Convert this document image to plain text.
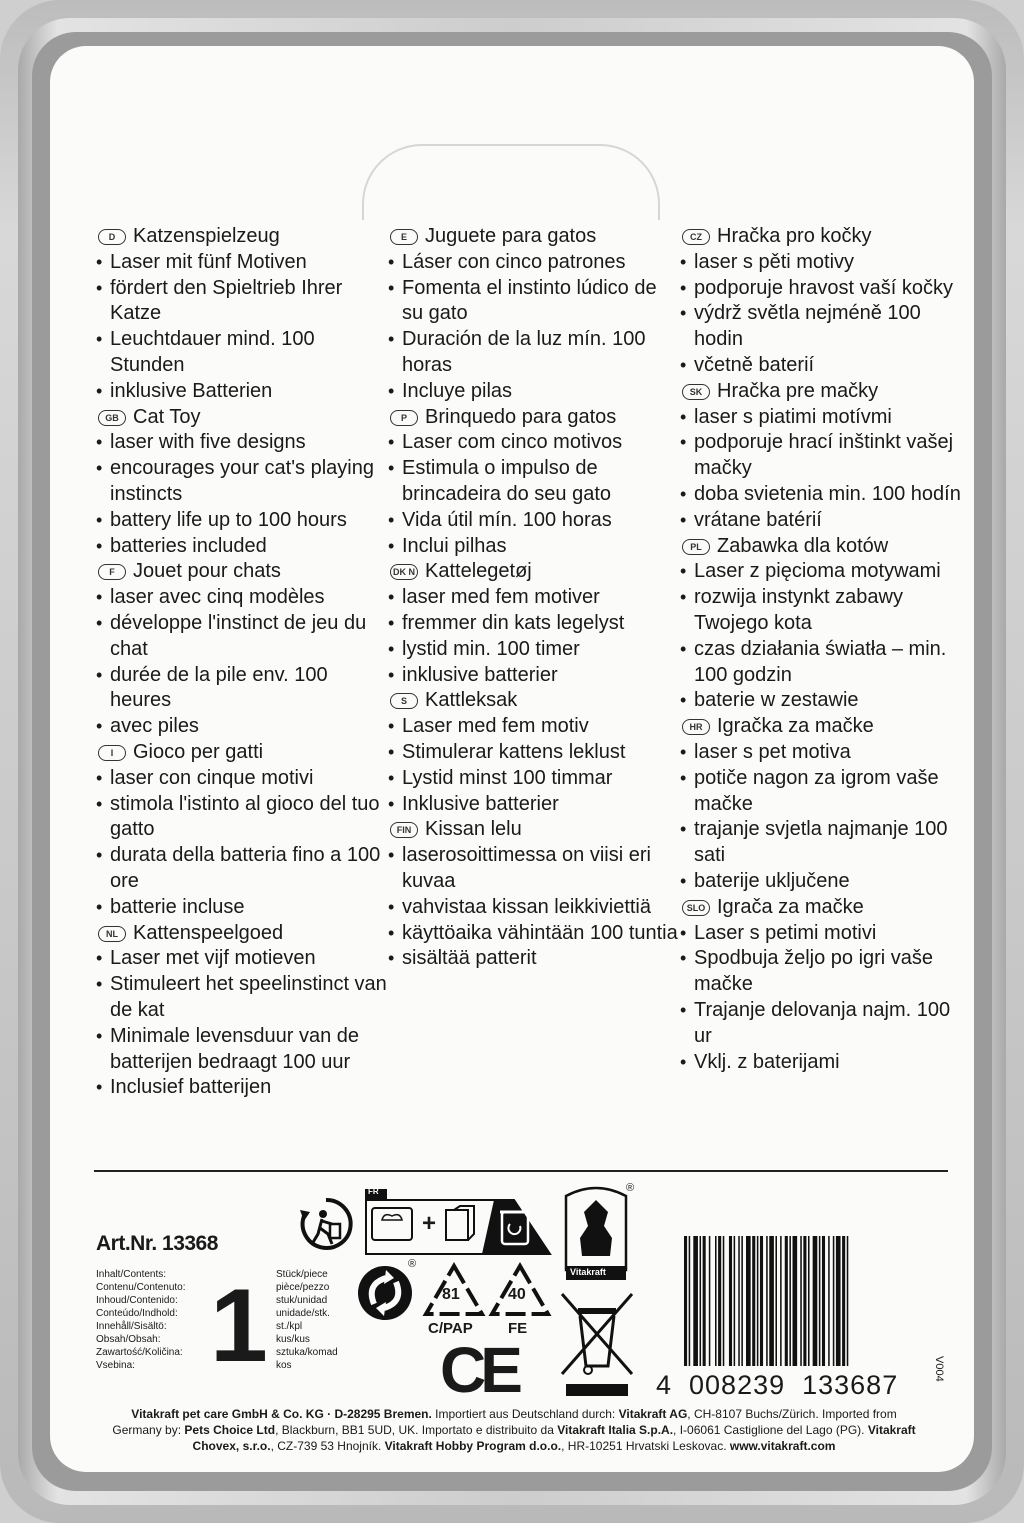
D Katzenspielzeug
• Laser mit fünf Motiven
• fördert den Spieltrieb Ihrer Katze
• Leuchtdauer mind. 100 Stunden
• inklusive Batterien
GB Cat Toy
• laser with five designs
• encourages your cat's playing instincts
• battery life up to 100 hours
• batteries included
F Jouet pour chats
• laser avec cinq modèles
• développe l'instinct de jeu du chat
• durée de la pile env. 100 heures
• avec piles
I Gioco per gatti
• laser con cinque motivi
• stimola l'istinto al gioco del tuo gatto
• durata della batteria fino a 100 ore
• batterie incluse
NL Kattenspeelgoed
• Laser met vijf motieven
• Stimuleert het speelinstinct van de kat
• Minimale levensduur van de batterijen bedraagt 100 uur
• Inclusief batterijen
E Juguete para gatos
• Láser con cinco patrones
• Fomenta el instinto lúdico de su gato
• Duración de la luz mín. 100 horas
• Incluye pilas
P Brinquedo para gatos
• Laser com cinco motivos
• Estimula o impulso de brincadeira do seu gato
• Vida útil mín. 100 horas
• Inclui pilhas
DK N Kattelegetøj
• laser med fem motiver
• fremmer din kats legelyst
• lystid min. 100 timer
• inklusive batterier
S Kattleksak
• Laser med fem motiv
• Stimulerar kattens leklust
• Lystid minst 100 timmar
• Inklusive batterier
FIN Kissan lelu
• laserosoittimessa on viisi eri kuvaa
• vahvistaa kissan leikkiviettiä
• käyttöaika vähintään 100 tuntia
• sisältää patterit
CZ Hračka pro kočky
• laser s pěti motivy
• podporuje hravost vaší kočky
• výdrž světla nejméně 100 hodin
• včetně baterií
SK Hračka pre mačky
• laser s piatimi motívmi
• podporuje hrací inštinkt vašej mačky
• doba svietenia min. 100 hodín
• vrátane batérií
PL Zabawka dla kotów
• Laser z pięcioma motywami
• rozwija instynkt zabawy Twojego kota
• czas działania światła – min. 100 godzin
• baterie w zestawie
HR Igračka za mačke
• laser s pet motiva
• potiče nagon za igrom vaše mačke
• trajanje svjetla najmanje 100 sati
• baterije uključene
SLO Igrača za mačke
• Laser s petimi motivi
• Spodbuja željo po igri vaše mačke
• Trajanje delovanja najm. 100 ur
• Vklj. z baterijami
Art.Nr. 13368
Inhalt/Contents:
Contenu/Contenuto:
Inhoud/Contenido:
Conteúdo/Indhold:
Innehåll/Sisältö:
Obsah/Obsah:
Zawartość/Količina:
Vsebina: 1 Stück/piece
pièce/pezzo
stuk/unidad
unidade/stk.
st./kpl
kus/kus
sztuka/komad
kos
FR
+
Vitakraft
®
®
81
C/PAP
40
FE
CE	4  008239  133687
V004
Vitakraft pet care GmbH & Co. KG · D-28295 Bremen. Importiert aus Deutschland durch: Vitakraft AG, CH-8107 Buchs/Zürich. Imported from
Germany by: Pets Choice Ltd, Blackburn, BB1 5UD, UK. Importato e distribuito da Vitakraft Italia S.p.A., I-06061 Castiglione del Lago (PG). Vitakraft
Chovex, s.r.o., CZ-739 53 Hnojník. Vitakraft Hobby Program d.o.o., HR-10251 Hrvatski Leskovac. www.vitakraft.com
